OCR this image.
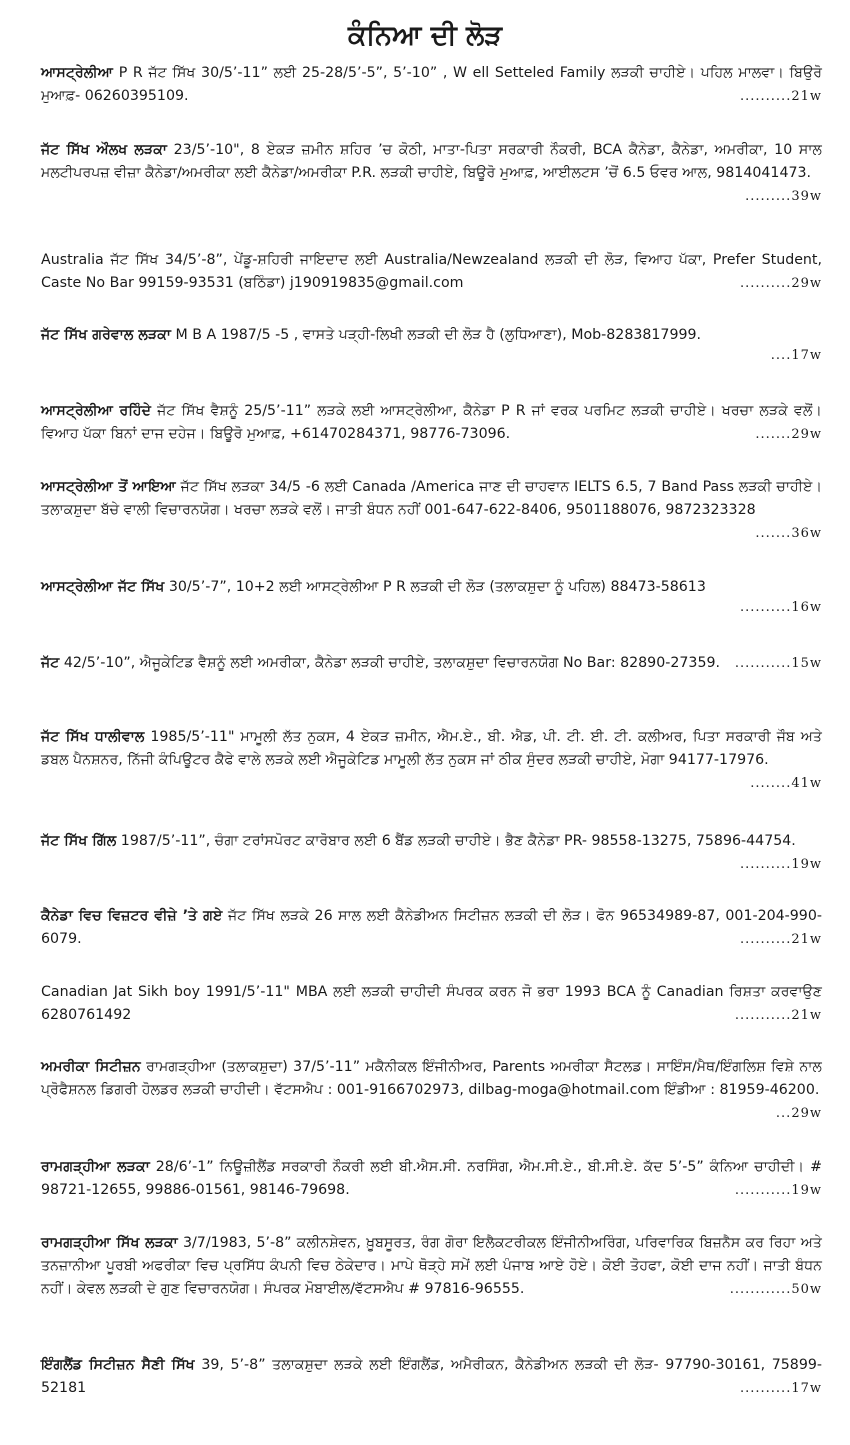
ਕੰਨਿਆ ਦੀ ਲੋੜ
ਆਸਟ੍ਰੇਲੀਆ P R ਜੱਟ ਸਿੱਖ 30/5’-11” ਲਈ 25-28/5’-5”, 5’-10” , W ell Setteled Family ਲੜਕੀ ਚਾਹੀਏ। ਪਹਿਲ ਮਾਲਵਾ। ਬਿਉਰੋ ਮੁਆਫ਼- 06260395109.	..........21w
ਜੱਟ ਸਿੱਖ ਔਲਖ ਲੜਕਾ 23/5’-10", 8 ਏਕੜ ਜ਼ਮੀਨ ਸ਼ਹਿਰ ’ਚ ਕੋਠੀ, ਮਾਤਾ-ਪਿਤਾ ਸਰਕਾਰੀ ਨੌਕਰੀ, BCA ਕੈਨੇਡਾ, ਕੈਨੇਡਾ, ਅਮਰੀਕਾ, 10 ਸਾਲ ਮਲਟੀਪਰਪਜ਼ ਵੀਜ਼ਾ ਕੈਨੇਡਾ/ਅਮਰੀਕਾ ਲਈ ਕੈਨੇਡਾ/ਅਮਰੀਕਾ P.R. ਲੜਕੀ ਚਾਹੀਏ, ਬਿਊਰੋ ਮੁਆਫ਼, ਆਈਲਟਸ ’ਚੋਂ 6.5 ਓਵਰ ਆਲ, 9814041473.
.........39w
Australia ਜੱਟ ਸਿੱਖ 34/5’-8”, ਪੇਂਡੂ-ਸ਼ਹਿਰੀ ਜਾਇਦਾਦ ਲਈ Australia/Newzealand ਲੜਕੀ ਦੀ ਲੋੜ, ਵਿਆਹ ਪੱਕਾ, Prefer Student, Caste No Bar 99159-93531 (ਬਠਿੰਡਾ) j190919835@gmail.com	..........29w
ਜੱਟ ਸਿੱਖ ਗਰੇਵਾਲ ਲੜਕਾ M B A 1987/5 -5 , ਵਾਸਤੇ ਪੜ੍ਹੀ-ਲਿਖੀ ਲੜਕੀ ਦੀ ਲੋੜ ਹੈ (ਲੁਧਿਆਣਾ), Mob-8283817999.
....17w
ਆਸਟ੍ਰੇਲੀਆ ਰਹਿੰਦੇ ਜੱਟ ਸਿੱਖ ਵੈਸ਼ਨੂੰ 25/5’-11” ਲੜਕੇ ਲਈ ਆਸਟ੍ਰੇਲੀਆ, ਕੈਨੇਡਾ P R ਜਾਂ ਵਰਕ ਪਰਮਿਟ ਲੜਕੀ ਚਾਹੀਏ। ਖਰਚਾ ਲੜਕੇ ਵਲੋਂ। ਵਿਆਹ ਪੱਕਾ ਬਿਨਾਂ ਦਾਜ ਦਹੇਜ। ਬਿਊਰੋ ਮੁਆਫ਼, +61470284371, 98776-73096.	.......29w
ਆਸਟ੍ਰੇਲੀਆ ਤੋਂ ਆਇਆ ਜੱਟ ਸਿੱਖ ਲੜਕਾ 34/5 -6 ਲਈ Canada /America ਜਾਣ ਦੀ ਚਾਹਵਾਨ IELTS 6.5, 7 Band Pass ਲੜਕੀ ਚਾਹੀਏ। ਤਲਾਕਸ਼ੁਦਾ ਬੱਚੇ ਵਾਲੀ ਵਿਚਾਰਨਯੋਗ। ਖਰਚਾ ਲੜਕੇ ਵਲੋਂ। ਜਾਤੀ ਬੰਧਨ ਨਹੀਂ 001-647-622-8406, 9501188076, 9872323328
.......36w
ਆਸਟ੍ਰੇਲੀਆ ਜੱਟ ਸਿੱਖ 30/5’-7”, 10+2 ਲਈ ਆਸਟ੍ਰੇਲੀਆ P R ਲੜਕੀ ਦੀ ਲੋੜ (ਤਲਾਕਸ਼ੁਦਾ ਨੂੰ ਪਹਿਲ) 88473-58613
..........16w
ਜੱਟ 42/5’-10”, ਐਜੂਕੇਟਿਡ ਵੈਸ਼ਨੂੰ ਲਈ ਅਮਰੀਕਾ, ਕੈਨੇਡਾ ਲੜਕੀ ਚਾਹੀਏ, ਤਲਾਕਸ਼ੁਦਾ ਵਿਚਾਰਨਯੋਗ No Bar: 82890-27359. ...........15w
ਜੱਟ ਸਿੱਖ ਧਾਲੀਵਾਲ 1985/5’-11" ਮਾਮੂਲੀ ਲੱਤ ਨੁਕਸ, 4 ਏਕੜ ਜ਼ਮੀਨ, ਐਮ.ਏ., ਬੀ. ਐਡ, ਪੀ. ਟੀ. ਈ. ਟੀ. ਕਲੀਅਰ, ਪਿਤਾ ਸਰਕਾਰੀ ਜੌਬ ਅਤੇ ਡਬਲ ਪੈਨਸ਼ਨਰ, ਨਿੱਜੀ ਕੰਪਿਊਟਰ ਕੈਫੇ ਵਾਲੇ ਲੜਕੇ ਲਈ ਐਜੂਕੇਟਿਡ ਮਾਮੂਲੀ ਲੱਤ ਨੁਕਸ ਜਾਂ ਠੀਕ ਸੁੰਦਰ ਲੜਕੀ ਚਾਹੀਏ, ਮੋਗਾ 94177-17976.
........41w
ਜੱਟ ਸਿੱਖ ਗਿੱਲ 1987/5’-11”, ਚੰਗਾ ਟਰਾਂਸਪੋਰਟ ਕਾਰੋਬਾਰ ਲਈ 6 ਬੈਂਡ ਲੜਕੀ ਚਾਹੀਏ। ਭੈਣ ਕੈਨੇਡਾ PR- 98558-13275, 75896-44754.
..........19w
ਕੈਨੇਡਾ ਵਿਚ ਵਿਜ਼ਟਰ ਵੀਜ਼ੇ ’ਤੇ ਗਏ ਜੱਟ ਸਿੱਖ ਲੜਕੇ 26 ਸਾਲ ਲਈ ਕੈਨੇਡੀਅਨ ਸਿਟੀਜ਼ਨ ਲੜਕੀ ਦੀ ਲੋੜ। ਫੋਨ 96534989-87, 001-204-990-6079.	..........21w
Canadian Jat Sikh boy 1991/5’-11" MBA ਲਈ ਲੜਕੀ ਚਾਹੀਦੀ ਸੰਪਰਕ ਕਰਨ ਜੋ ਭਰਾ 1993 BCA ਨੂੰ Canadian ਰਿਸ਼ਤਾ ਕਰਵਾਉਣ 6280761492	...........21w
ਅਮਰੀਕਾ ਸਿਟੀਜ਼ਨ ਰਾਮਗੜ੍ਹੀਆ (ਤਲਾਕਸ਼ੁਦਾ) 37/5’-11” ਮਕੈਨੀਕਲ ਇੰਜੀਨੀਅਰ, Parents ਅਮਰੀਕਾ ਸੈਟਲਡ। ਸਾਇੰਸ/ਮੈਥ/ਇੰਗਲਿਸ਼ ਵਿਸ਼ੇ ਨਾਲ ਪ੍ਰੋਫੈਸ਼ਨਲ ਡਿਗਰੀ ਹੋਲਡਰ ਲੜਕੀ ਚਾਹੀਦੀ। ਵੱਟਸਐਪ : 001-9166702973, dilbag-moga@hotmail.com ਇੰਡੀਆ : 81959-46200.
...29w
ਰਾਮਗੜ੍ਹੀਆ ਲੜਕਾ 28/6’-1” ਨਿਊਜ਼ੀਲੈਂਡ ਸਰਕਾਰੀ ਨੌਕਰੀ ਲਈ ਬੀ.ਐਸ.ਸੀ. ਨਰਸਿੰਗ, ਐਮ.ਸੀ.ਏ., ਬੀ.ਸੀ.ਏ. ਕੱਦ 5’-5” ਕੰਨਿਆ ਚਾਹੀਦੀ। # 98721-12655, 99886-01561, 98146-79698.	...........19w
ਰਾਮਗੜ੍ਹੀਆ ਸਿੱਖ ਲੜਕਾ 3/7/1983, 5’-8” ਕਲੀਨਸ਼ੇਵਨ, ਖ਼ੂਬਸੂਰਤ, ਰੰਗ ਗੋਰਾ ਇਲੈਕਟਰੀਕਲ ਇੰਜੀਨੀਅਰਿੰਗ, ਪਰਿਵਾਰਿਕ ਬਿਜ਼ਨੈਸ ਕਰ ਰਿਹਾ ਅਤੇ ਤਨਜ਼ਾਨੀਆ ਪੂਰਬੀ ਅਫਰੀਕਾ ਵਿਚ ਪ੍ਰਸਿੱਧ ਕੰਪਨੀ ਵਿਚ ਠੇਕੇਦਾਰ। ਮਾਪੇ ਥੋੜ੍ਹੇ ਸਮੇਂ ਲਈ ਪੰਜਾਬ ਆਏ ਹੋਏ। ਕੋਈ ਤੋਹਫਾ, ਕੋਈ ਦਾਜ ਨਹੀਂ। ਜਾਤੀ ਬੰਧਨ ਨਹੀਂ। ਕੇਵਲ ਲੜਕੀ ਦੇ ਗੁਣ ਵਿਚਾਰਨਯੋਗ। ਸੰਪਰਕ ਮੋਬਾਈਲ/ਵੱਟਸਐਪ # 97816-96555.	............50w
ਇੰਗਲੈਂਡ ਸਿਟੀਜ਼ਨ ਸੈਣੀ ਸਿੱਖ 39, 5’-8” ਤਲਾਕਸ਼ੁਦਾ ਲੜਕੇ ਲਈ ਇੰਗਲੈਂਡ, ਅਮੈਰੀਕਨ, ਕੈਨੇਡੀਅਨ ਲੜਕੀ ਦੀ ਲੋੜ- 97790-30161, 75899-52181	..........17w
